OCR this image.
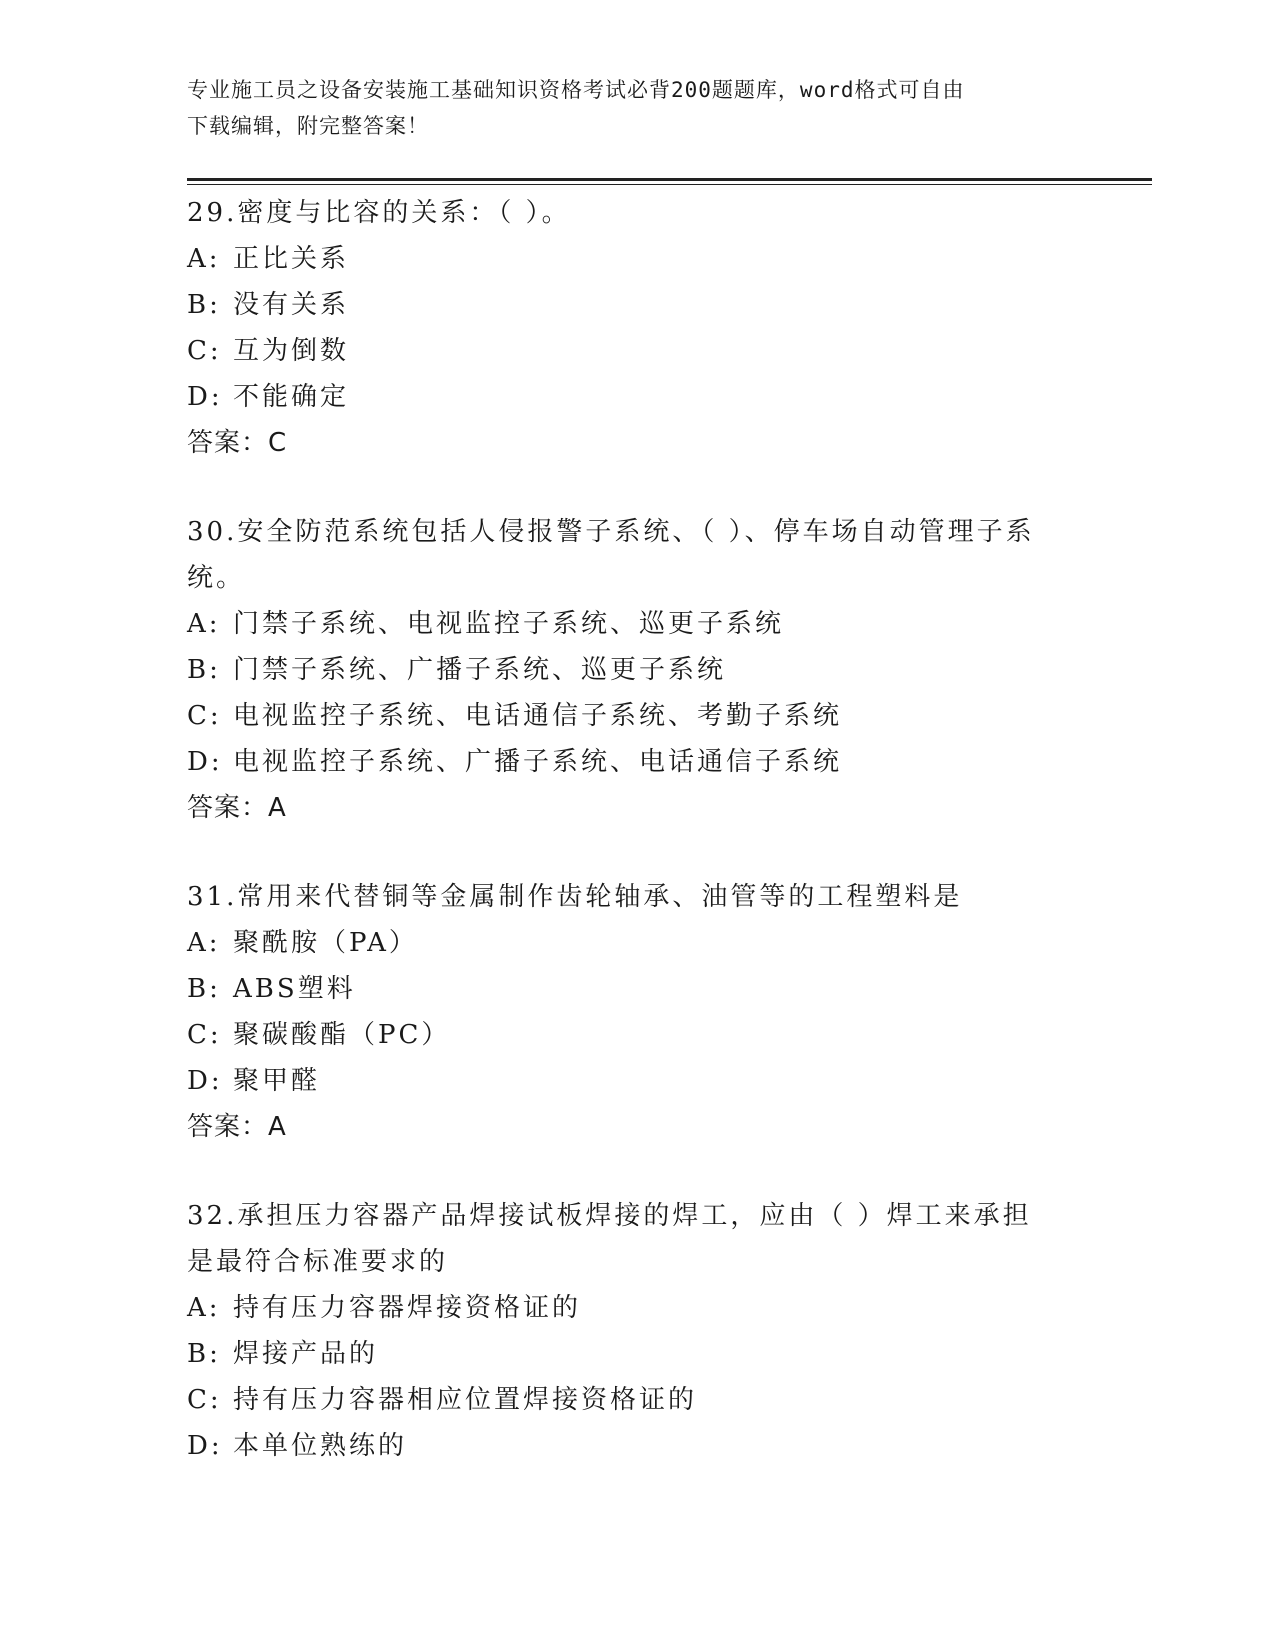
专业施工员之设备安装施工基础知识资格考试必背200题题库，word格式可自由
下载编辑，附完整答案！
29.密度与比容的关系：（ ）。
A: 正比关系
B: 没有关系
C: 互为倒数
D: 不能确定
答案：C
30.安全防范系统包括人侵报警子系统、（ ）、停车场自动管理子系统。
A: 门禁子系统、电视监控子系统、巡更子系统
B: 门禁子系统、广播子系统、巡更子系统
C: 电视监控子系统、电话通信子系统、考勤子系统
D: 电视监控子系统、广播子系统、电话通信子系统
答案：A
31.常用来代替铜等金属制作齿轮轴承、油管等的工程塑料是
A: 聚酰胺（PA）
B: ABS塑料
C: 聚碳酸酯（PC）
D: 聚甲醛
答案：A
32.承担压力容器产品焊接试板焊接的焊工，应由（ ）焊工来承担是最符合标准要求的
A: 持有压力容器焊接资格证的
B: 焊接产品的
C: 持有压力容器相应位置焊接资格证的
D: 本单位熟练的
